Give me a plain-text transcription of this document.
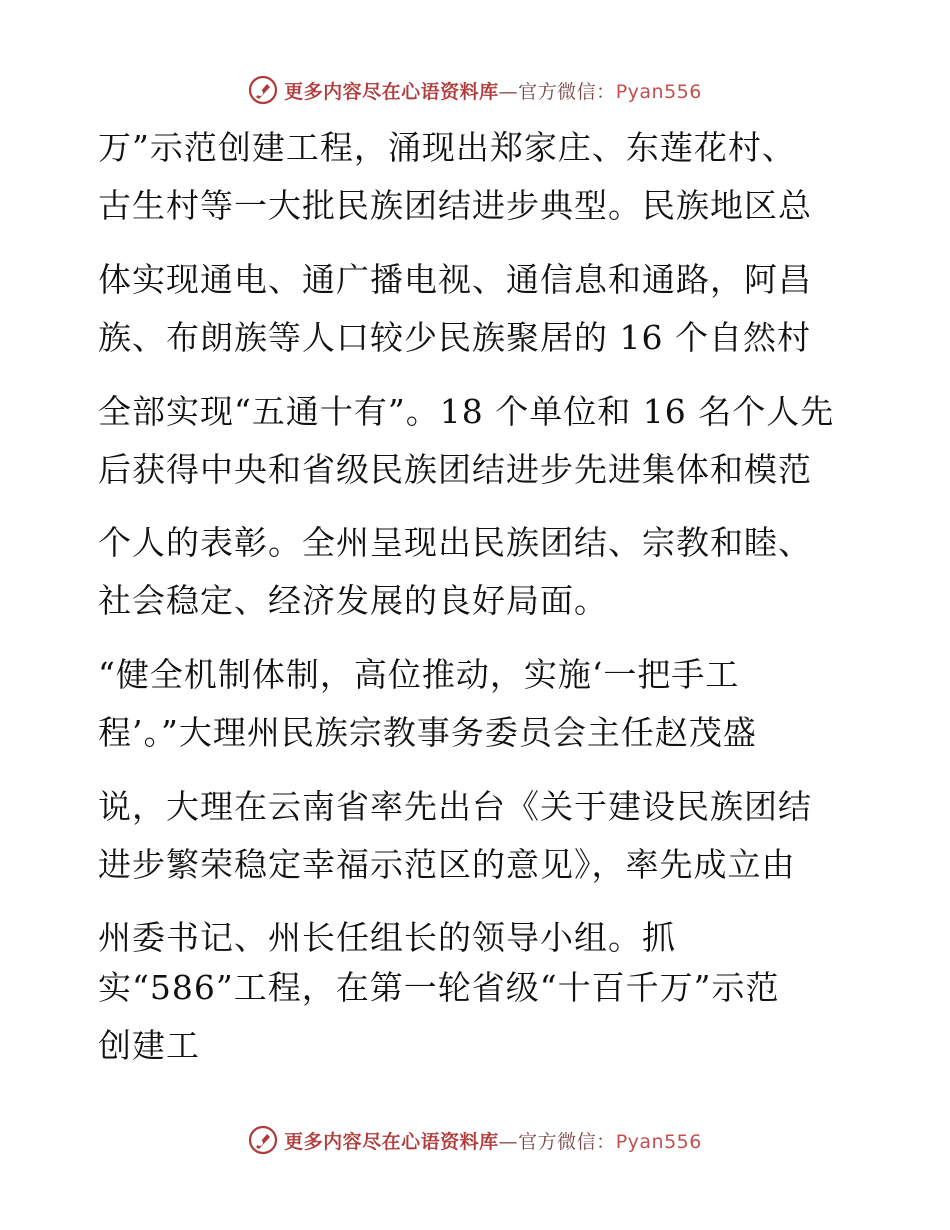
更多内容尽在心语资料库—官方微信：Pyan556
万”示范创建工程，涌现出郑家庄、东莲花村、
古生村等一大批民族团结进步典型。民族地区总
体实现通电、通广播电视、通信息和通路，阿昌
族、布朗族等人口较少民族聚居的 16 个自然村
全部实现“五通十有”。18 个单位和 16 名个人先
后获得中央和省级民族团结进步先进集体和模范
个人的表彰。全州呈现出民族团结、宗教和睦、
社会稳定、经济发展的良好局面。
“健全机制体制，高位推动，实施‘一把手工
程’。”大理州民族宗教事务委员会主任赵茂盛
说，大理在云南省率先出台《关于建设民族团结
进步繁荣稳定幸福示范区的意见》，率先成立由
州委书记、州长任组长的领导小组。抓
实“586”工程，在第一轮省级“十百千万”示范
创建工
更多内容尽在心语资料库—官方微信：Pyan556
